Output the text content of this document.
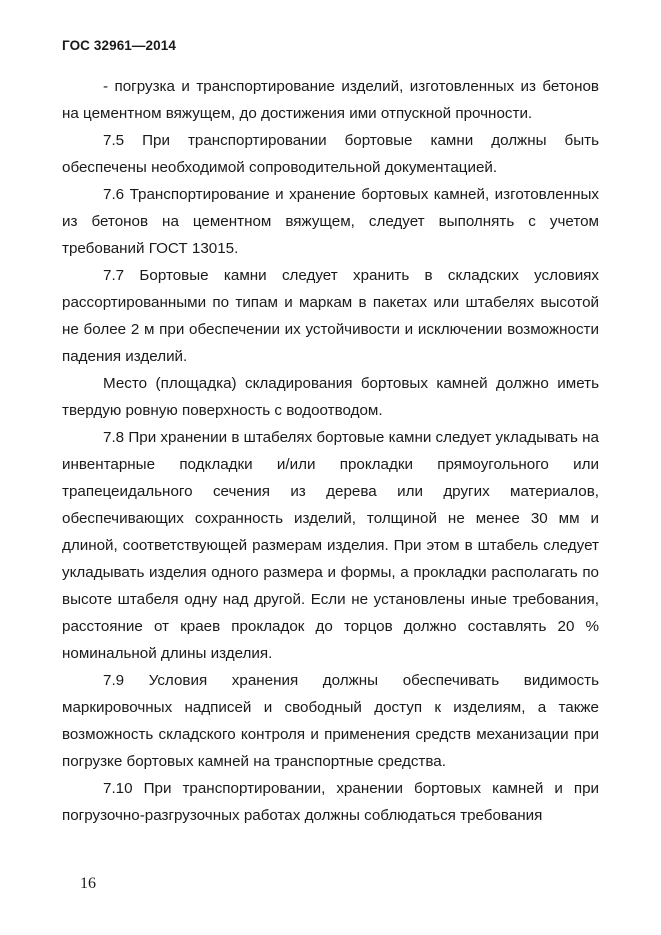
ГОС 32961—2014

- погрузка и транспортирование изделий, изготовленных из бетонов на цементном вяжущем, до достижения ими отпускной прочности.

7.5 При транспортировании бортовые камни должны быть обеспечены необходимой сопроводительной документацией.

7.6 Транспортирование и хранение бортовых камней, изготовленных из бетонов на цементном вяжущем, следует выполнять с учетом требований ГОСТ 13015.

7.7 Бортовые камни следует хранить в складских условиях рассортированными по типам и маркам в пакетах или штабелях высотой не более 2 м при обеспечении их устойчивости и исключении возможности падения изделий.

Место (площадка) складирования бортовых камней должно иметь твердую ровную поверхность с водоотводом.

7.8 При хранении в штабелях бортовые камни следует укладывать на инвентарные подкладки и/или прокладки прямоугольного или трапецеидального сечения из дерева или других материалов, обеспечивающих сохранность изделий, толщиной не менее 30 мм и длиной, соответствующей размерам изделия. При этом в штабель следует укладывать изделия одного размера и формы, а прокладки располагать по высоте штабеля одну над другой. Если не установлены иные требования, расстояние от краев прокладок до торцов должно составлять 20 % номинальной длины изделия.

7.9 Условия хранения должны обеспечивать видимость маркировочных надписей и свободный доступ к изделиям, а также возможность складского контроля и применения средств механизации при погрузке бортовых камней на транспортные средства.

7.10 При транспортировании, хранении бортовых камней и при погрузочно-разгрузочных работах должны соблюдаться требования

16
